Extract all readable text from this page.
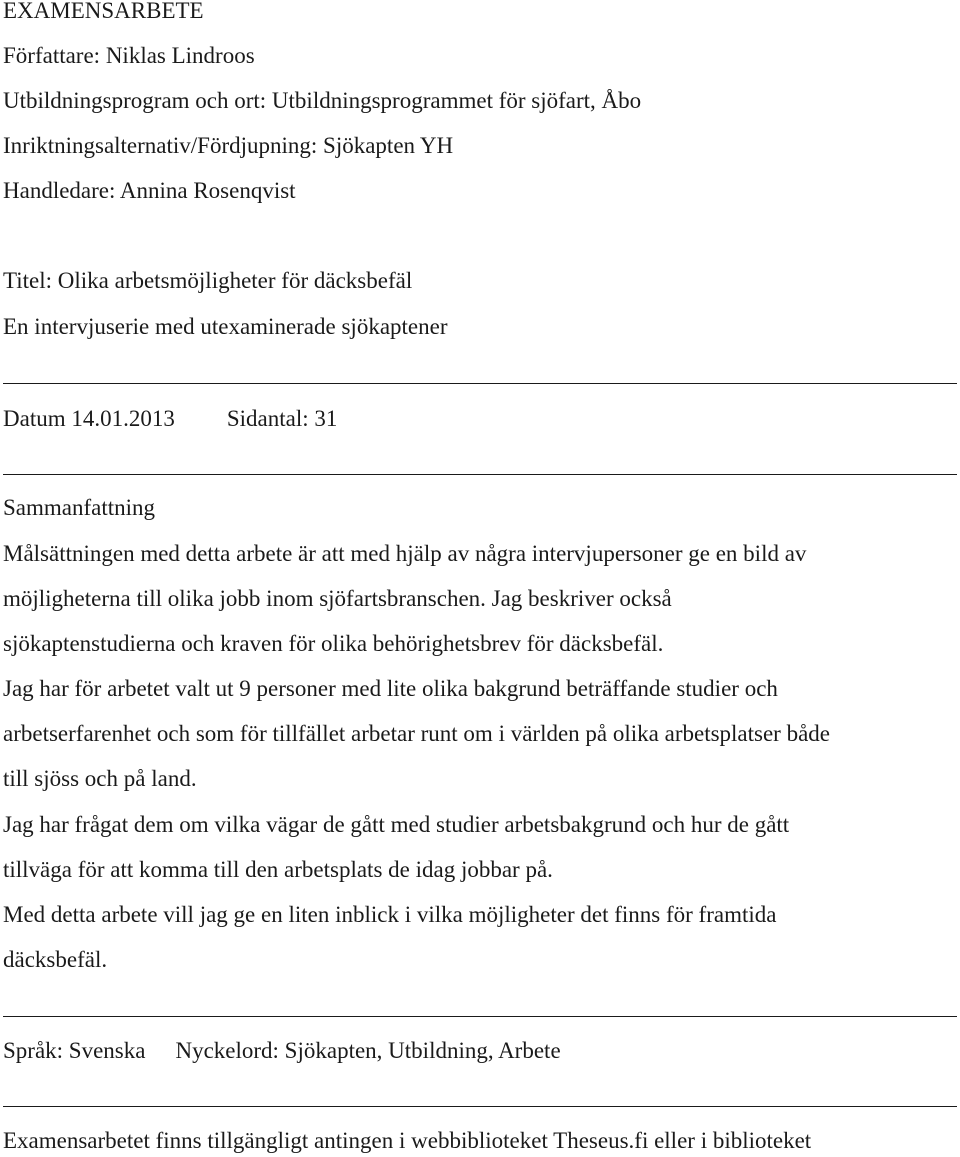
EXAMENSARBETE
Författare: Niklas Lindroos
Utbildningsprogram och ort: Utbildningsprogrammet för sjöfart, Åbo
Inriktningsalternativ/Fördjupning: Sjökapten YH
Handledare: Annina Rosenqvist
Titel: Olika arbetsmöjligheter för däcksbefäl
En intervjuserie med utexaminerade sjökaptener
Datum 14.01.2013 Sidantal: 31
Sammanfattning
Målsättningen med detta arbete är att med hjälp av några intervjupersoner ge en bild av
möjligheterna till olika jobb inom sjöfartsbranschen. Jag beskriver också
sjökaptenstudierna och kraven för olika behörighetsbrev för däcksbefäl.
Jag har för arbetet valt ut 9 personer med lite olika bakgrund beträffande studier och
arbetserfarenhet och som för tillfället arbetar runt om i världen på olika arbetsplatser både
till sjöss och på land.
Jag har frågat dem om vilka vägar de gått med studier arbetsbakgrund och hur de gått
tillväga för att komma till den arbetsplats de idag jobbar på.
Med detta arbete vill jag ge en liten inblick i vilka möjligheter det finns för framtida
däcksbefäl.
Språk: Svenska Nyckelord: Sjökapten, Utbildning, Arbete
Examensarbetet finns tillgängligt antingen i webbiblioteket Theseus.fi eller i biblioteket
